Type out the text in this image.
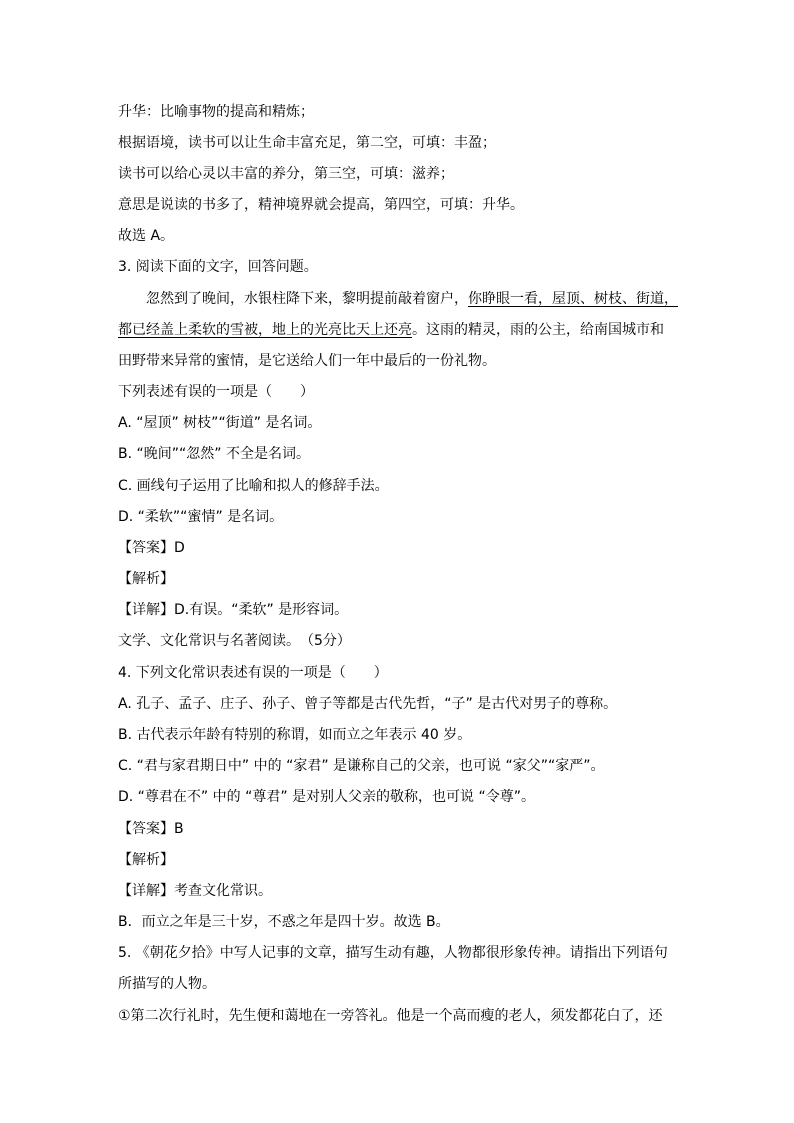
升华：比喻事物的提高和精炼；
根据语境，读书可以让生命丰富充足，第二空，可填：丰盈；
读书可以给心灵以丰富的养分，第三空，可填：滋养；
意思是说读的书多了，精神境界就会提高，第四空，可填：升华。
故选 A。
3. 阅读下面的文字，回答问题。
忽然到了晚间，水银柱降下来，黎明提前敲着窗户，你睁眼一看，屋顶、树枝、街道，
都已经盖上柔软的雪被，地上的光亮比天上还亮。这雨的精灵，雨的公主，给南国城市和
田野带来异常的蜜情，是它送给人们一年中最后的一份礼物。
下列表述有误的一项是（　　）
A. “屋顶” 树枝”“街道” 是名词。
B. “晚间”“忽然” 不全是名词。
C. 画线句子运用了比喻和拟人的修辞手法。
D. “柔软”“蜜情” 是名词。
【答案】D
【解析】
【详解】D.有误。“柔软” 是形容词。
文学、文化常识与名著阅读。　（5分）
4. 下列文化常识表述有误的一项是（　　）
A. 孔子、孟子、庄子、孙子、曾子等都是古代先哲，“子” 是古代对男子的尊称。
B. 古代表示年龄有特别的称谓，如而立之年表示 40 岁。
C. “君与家君期日中” 中的 “家君” 是谦称自己的父亲，也可说 “家父”“家严”。
D. “尊君在不” 中的 “尊君” 是对别人父亲的敬称，也可说 “令尊”。
【答案】B
【解析】
【详解】考查文化常识。
B．而立之年是三十岁，不惑之年是四十岁。故选 B。
5. 《朝花夕拾》中写人记事的文章，描写生动有趣，人物都很形象传神。请指出下列语句
所描写的人物。
①第二次行礼时，先生便和蔼地在一旁答礼。他是一个高而瘦的老人，须发都花白了，还
